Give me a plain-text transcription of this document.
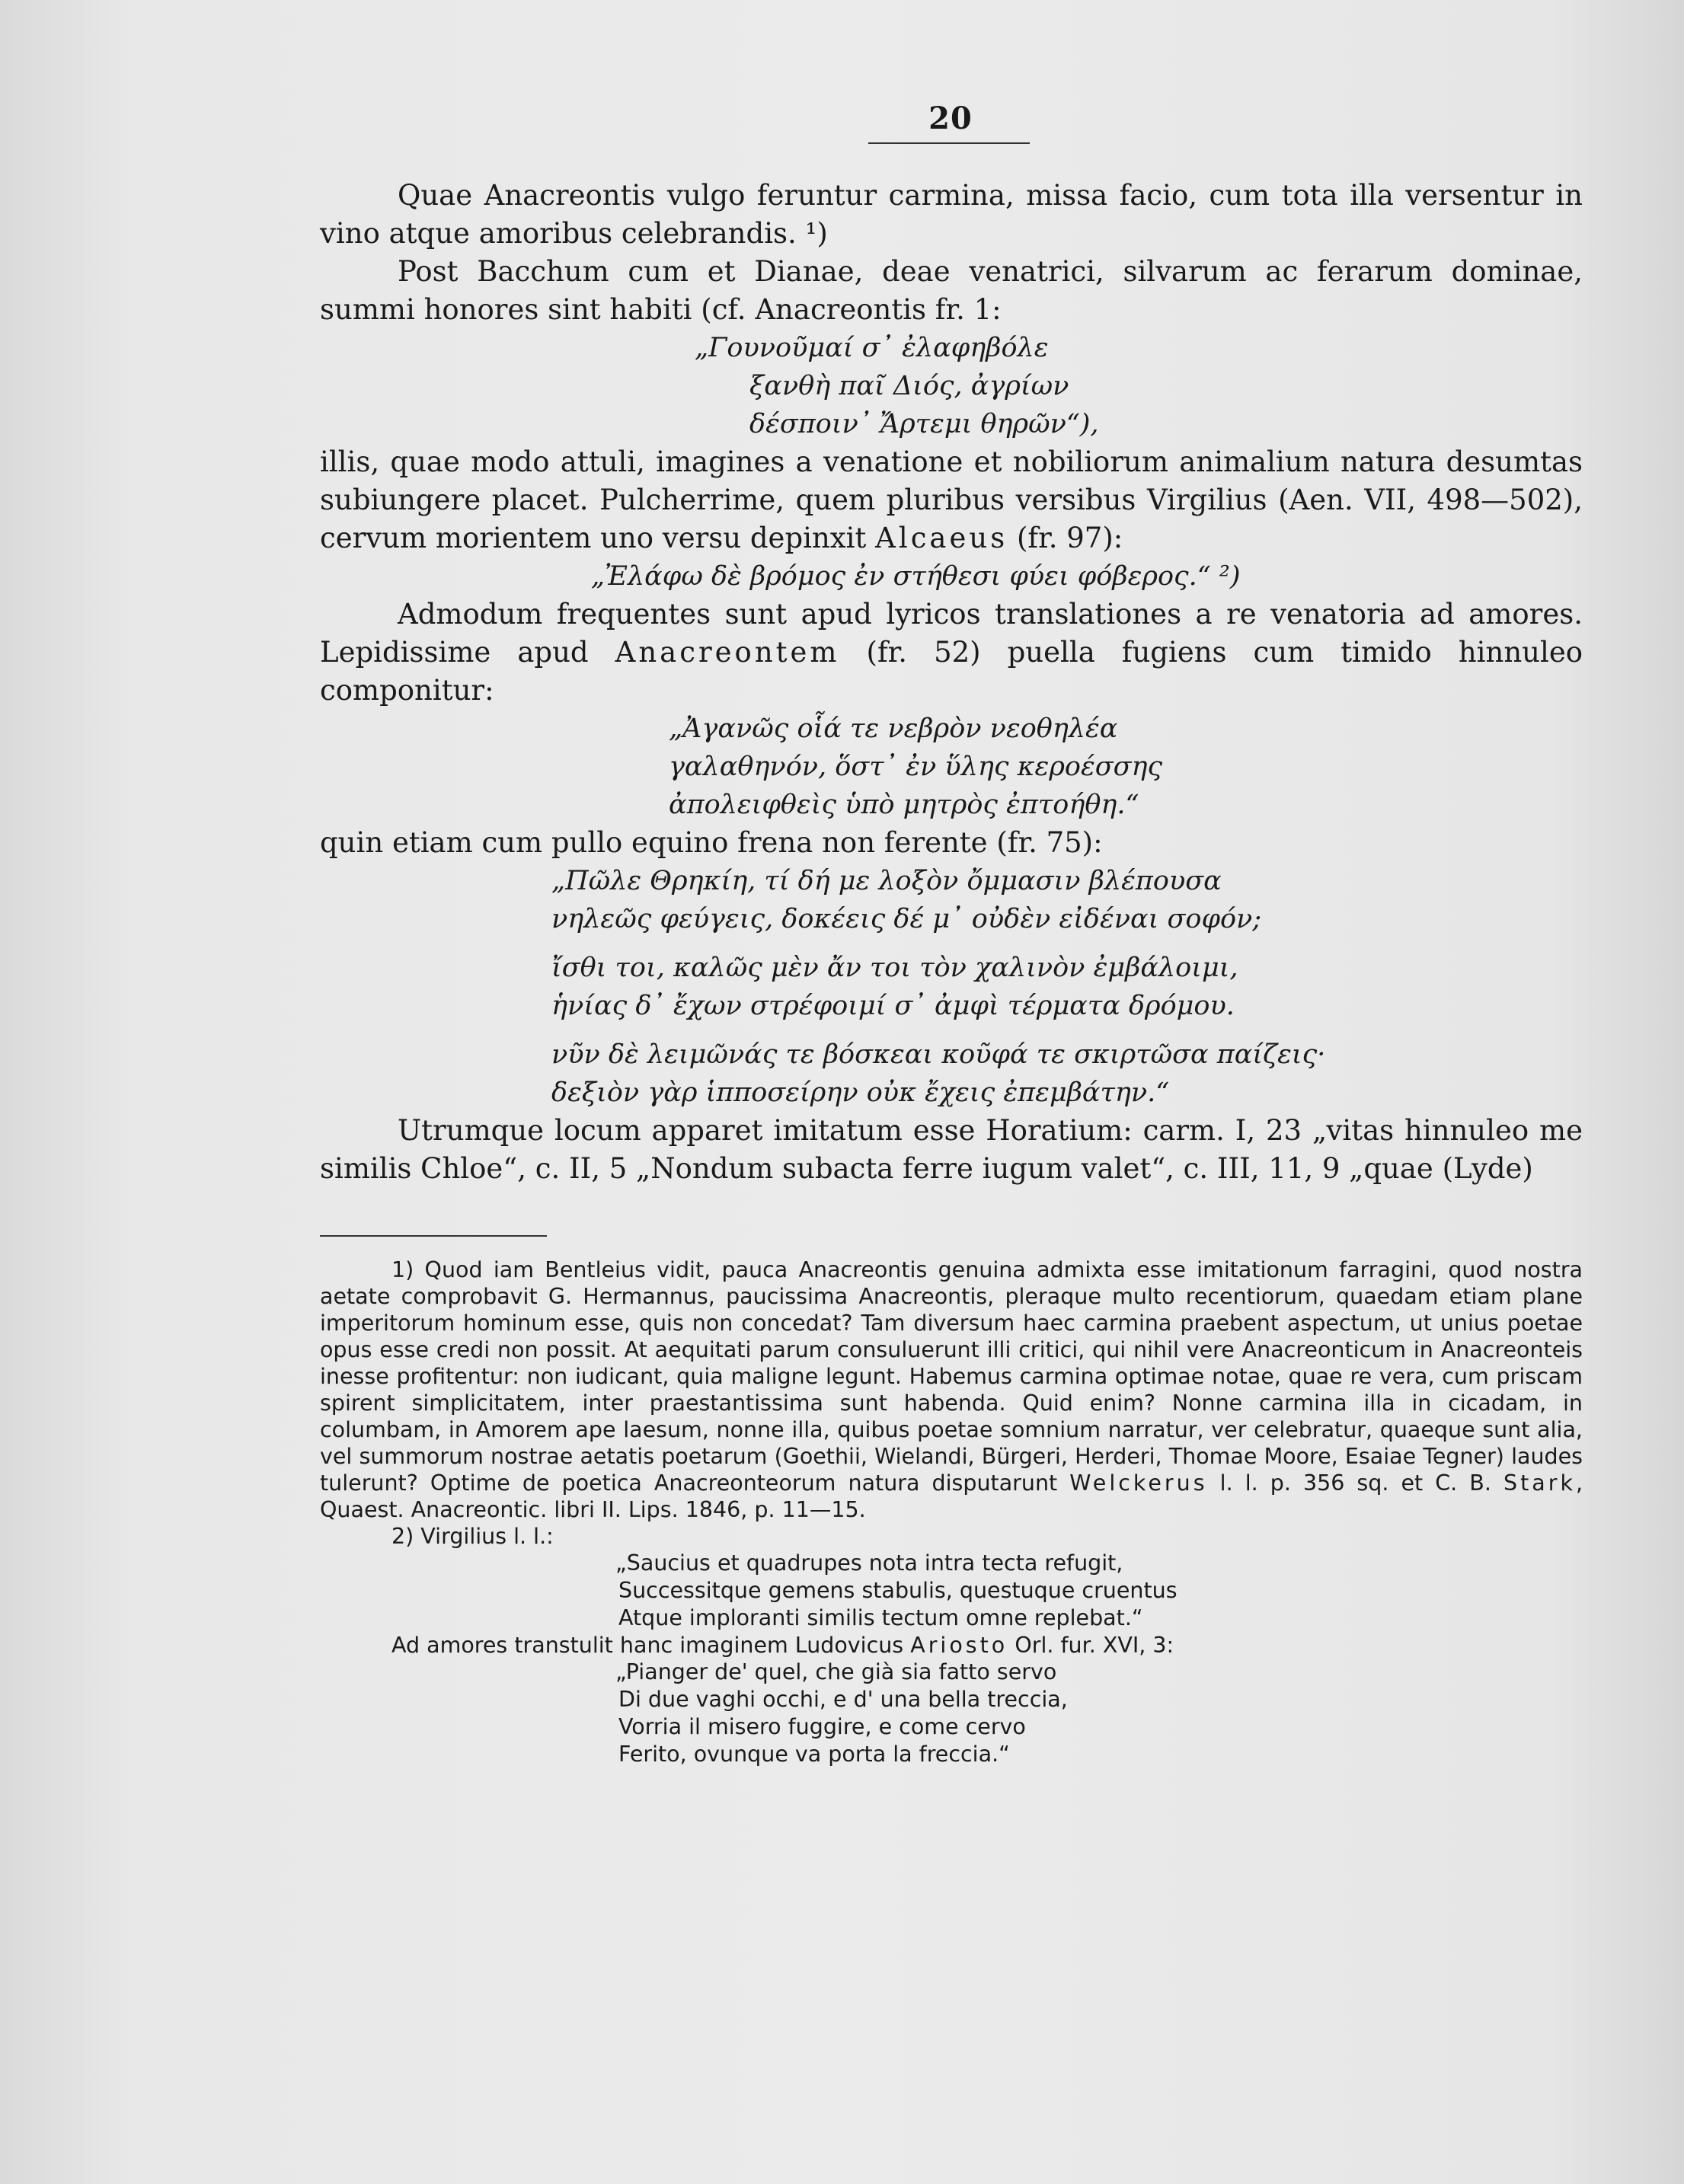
20

Quae Anacreontis vulgo feruntur carmina, missa facio, cum tota illa versentur in vino atque amoribus celebrandis. ¹)

Post Bacchum cum et Dianae, deae venatrici, silvarum ac ferarum dominae, summi honores sint habiti (cf. Anacreontis fr. 1:

„Γουνοῦμαί σ᾽ ἐλαφηβόλε
ξανθὴ παῖ Διός, ἀγρίων
δέσποιν᾽ Ἄρτεμι θηρῶν“),

illis, quae modo attuli, imagines a venatione et nobiliorum animalium natura desumtas subiungere placet. Pulcherrime, quem pluribus versibus Virgilius (Aen. VII, 498—502), cervum morientem uno versu depinxit Alcaeus (fr. 97):

„Ἐλάφω δὲ βρόμος ἐν στήθεσι φύει φόβερος.“ ²)

Admodum frequentes sunt apud lyricos translationes a re venatoria ad amores. Lepidissime apud Anacreontem (fr. 52) puella fugiens cum timido hinnuleo componitur:

„Ἀγανῶς οἷά τε νεβρὸν νεοθηλέα
γαλαθηνόν, ὅστ᾽ ἐν ὕλης κεροέσσης
ἀπολειφθεὶς ὑπὸ μητρὸς ἐπτοήθη.“

quin etiam cum pullo equino frena non ferente (fr. 75):

„Πῶλε Θρηκίη, τί δή με λοξὸν ὄμμασιν βλέπουσα
νηλεῶς φεύγεις, δοκέεις δέ μ᾽ οὐδὲν εἰδέναι σοφόν;
ἴσθι τοι, καλῶς μὲν ἄν τοι τὸν χαλινὸν ἐμβάλοιμι,
ἡνίας δ᾽ ἔχων στρέφοιμί σ᾽ ἀμφὶ τέρματα δρόμου.
νῦν δὲ λειμῶνάς τε βόσκεαι κοῦφά τε σκιρτῶσα παίζεις·
δεξιὸν γὰρ ἱπποσείρην οὐκ ἔχεις ἐπεμβάτην.“

Utrumque locum apparet imitatum esse Horatium: carm. I, 23 „vitas hinnuleo me similis Chloe“, c. II, 5 „Nondum subacta ferre iugum valet“, c. III, 11, 9 „quae (Lyde)

1) Quod iam Bentleius vidit, pauca Anacreontis genuina admixta esse imitationum farragini, quod nostra aetate comprobavit G. Hermannus, paucissima Anacreontis, pleraque multo recentiorum, quaedam etiam plane imperitorum hominum esse, quis non concedat? Tam diversum haec carmina praebent aspectum, ut unius poetae opus esse credi non possit. At aequitati parum consuluerunt illi critici, qui nihil vere Anacreonticum in Anacreonteis inesse profitentur: non iudicant, quia maligne legunt. Habemus carmina optimae notae, quae re vera, cum priscam spirent simplicitatem, inter praestantissima sunt habenda. Quid enim? Nonne carmina illa in cicadam, in columbam, in Amorem ape laesum, nonne illa, quibus poetae somnium narratur, ver celebratur, quaeque sunt alia, vel summorum nostrae aetatis poetarum (Goethii, Wielandi, Bürgeri, Herderi, Thomae Moore, Esaiae Tegner) laudes tulerunt? Optime de poetica Anacreonteorum natura disputarunt Welckerus l. l. p. 356 sq. et C. B. Stark, Quaest. Anacreontic. libri II. Lips. 1846, p. 11—15.

2) Virgilius l. l.:

„Saucius et quadrupes nota intra tecta refugit,
Successitque gemens stabulis, questuque cruentus
Atque imploranti similis tectum omne replebat.“

Ad amores transtulit hanc imaginem Ludovicus Ariosto Orl. fur. XVI, 3:

„Pianger de' quel, che già sia fatto servo
Di due vaghi occhi, e d' una bella treccia,
Vorria il misero fuggire, e come cervo
Ferito, ovunque va porta la freccia.“
